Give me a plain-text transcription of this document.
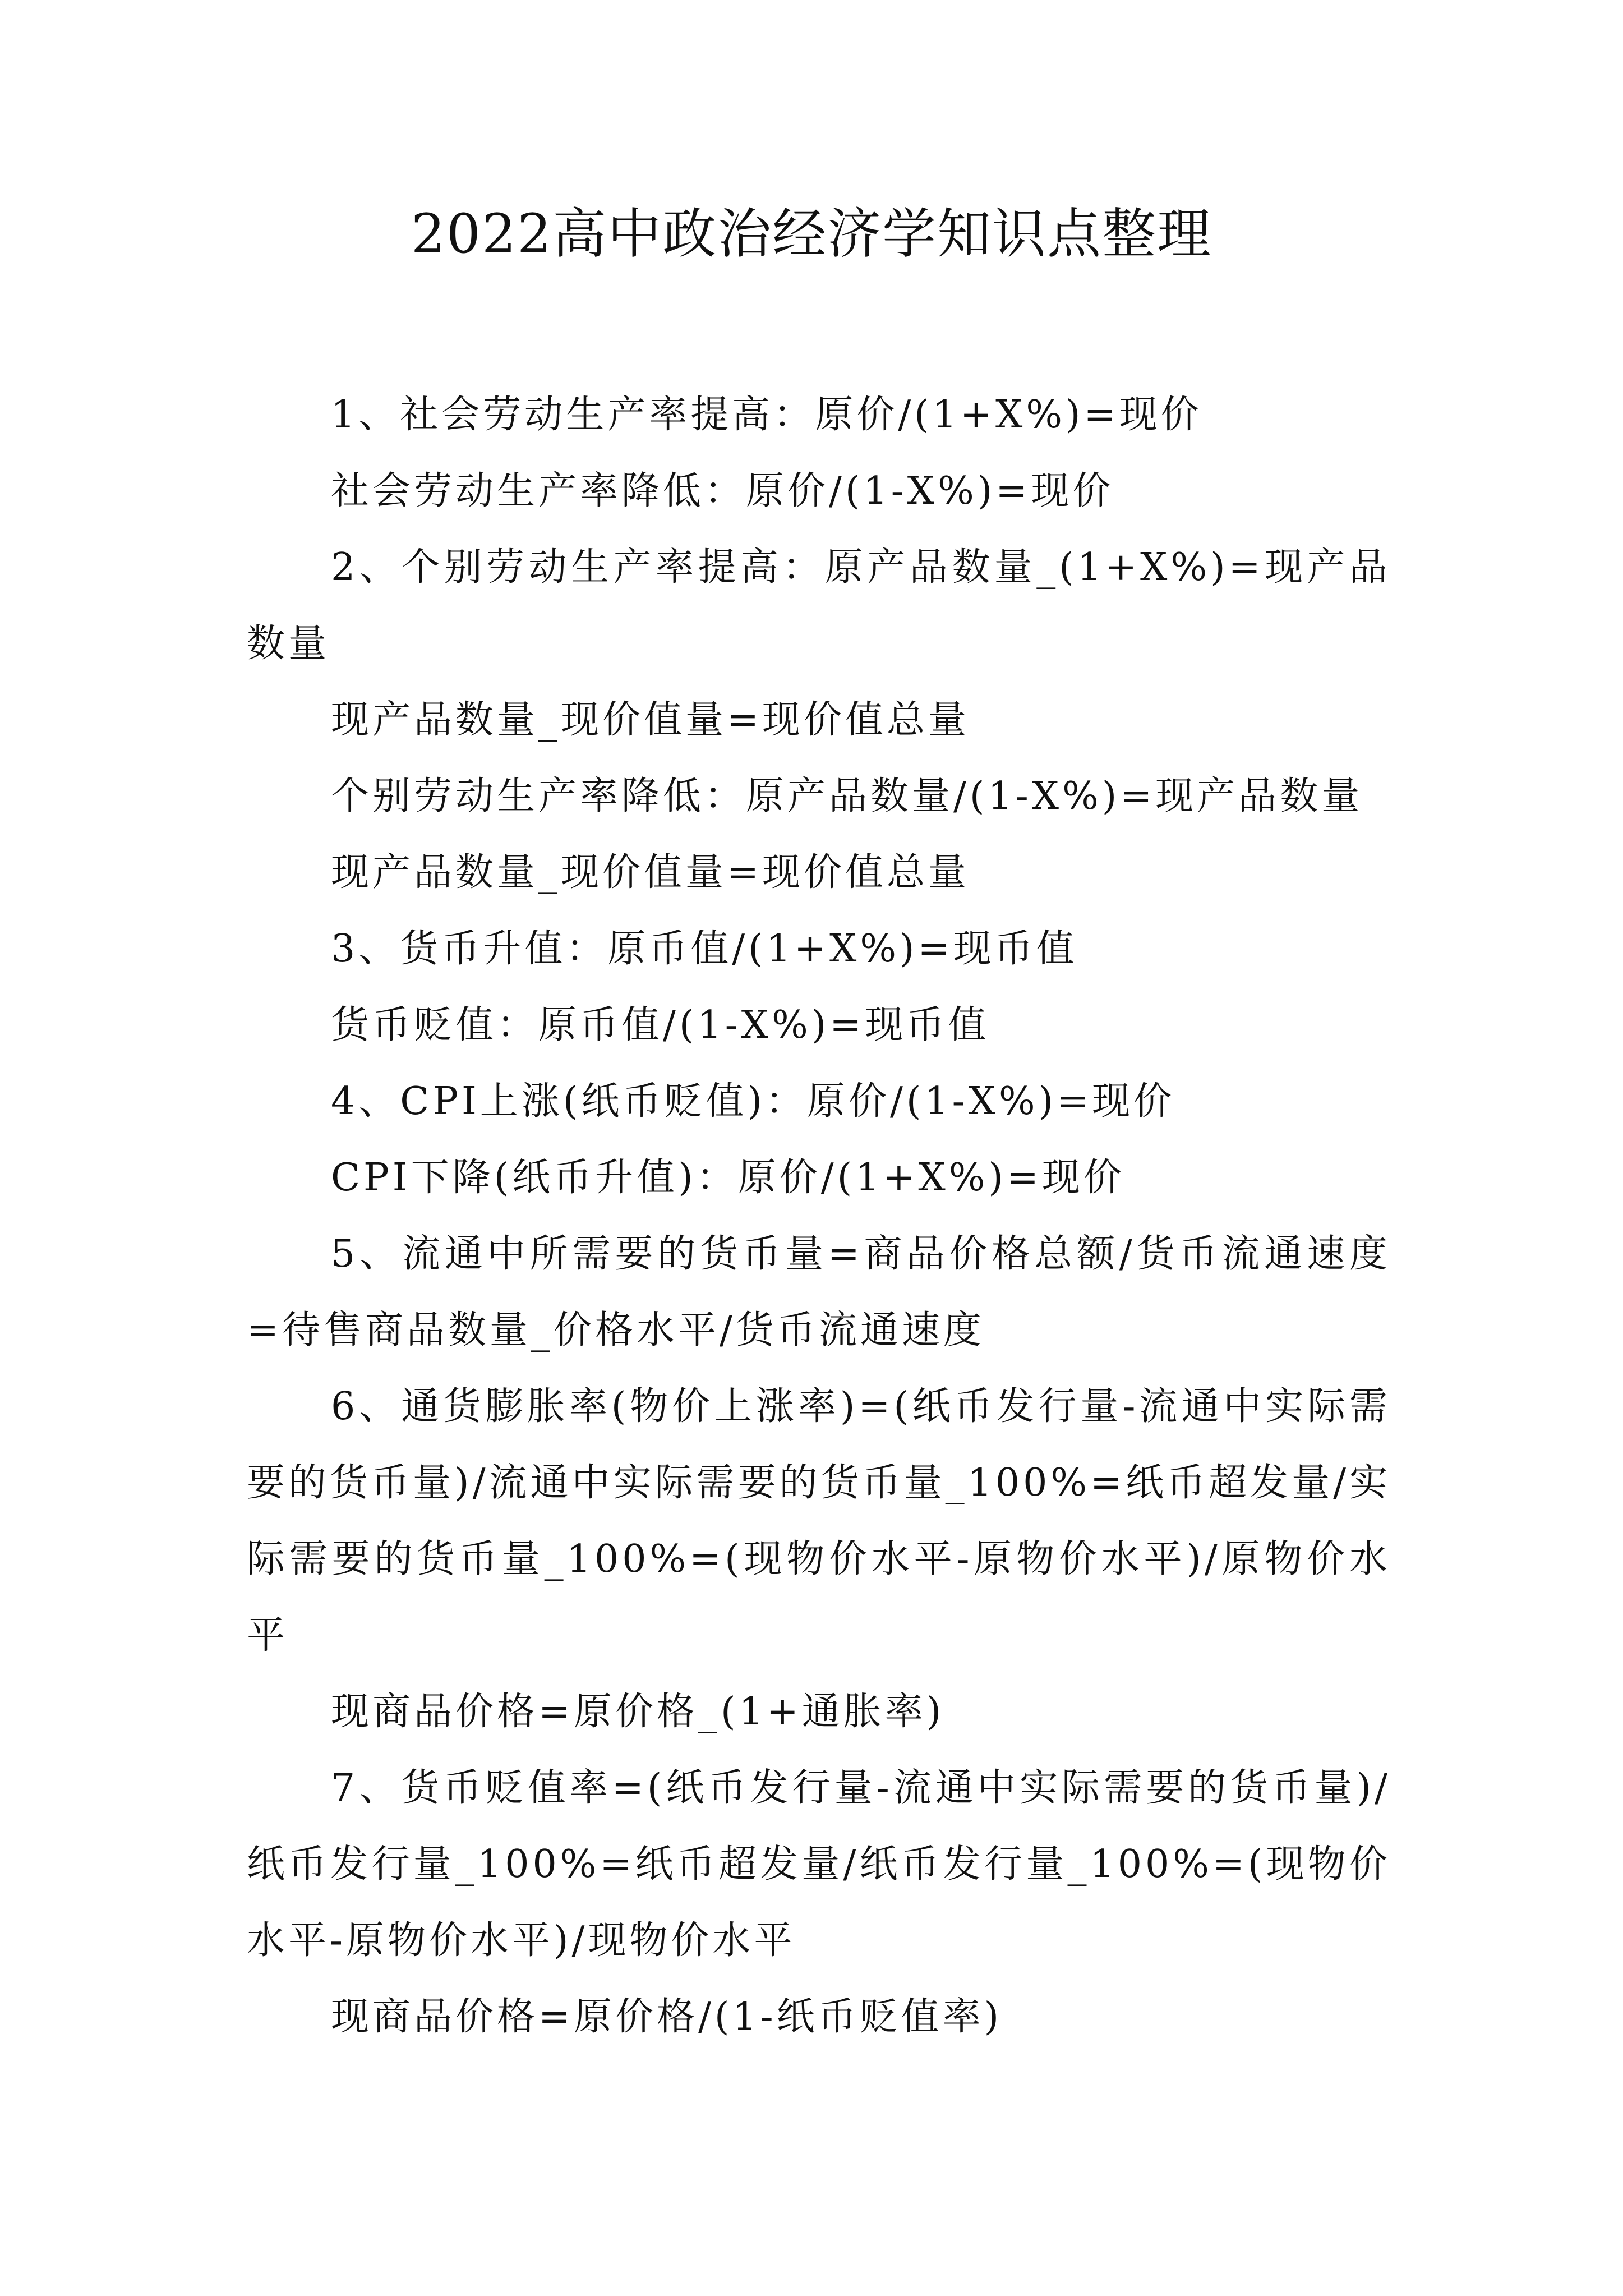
2022高中政治经济学知识点整理

1、社会劳动生产率提高：原价/(1+X%)=现价

社会劳动生产率降低：原价/(1-X%)=现价

2、个别劳动生产率提高：原产品数量_(1+X%)=现产品数量

现产品数量_现价值量=现价值总量

个别劳动生产率降低：原产品数量/(1-X%)=现产品数量

现产品数量_现价值量=现价值总量

3、货币升值：原币值/(1+X%)=现币值

货币贬值：原币值/(1-X%)=现币值

4、CPI上涨(纸币贬值)：原价/(1-X%)=现价

CPI下降(纸币升值)：原价/(1+X%)=现价

5、流通中所需要的货币量=商品价格总额/货币流通速度=待售商品数量_价格水平/货币流通速度

6、通货膨胀率(物价上涨率)=(纸币发行量-流通中实际需要的货币量)/流通中实际需要的货币量_100%=纸币超发量/实际需要的货币量_100%=(现物价水平-原物价水平)/原物价水平

现商品价格=原价格_(1+通胀率)

7、货币贬值率=(纸币发行量-流通中实际需要的货币量)/纸币发行量_100%=纸币超发量/纸币发行量_100%=(现物价水平-原物价水平)/现物价水平

现商品价格=原价格/(1-纸币贬值率)
